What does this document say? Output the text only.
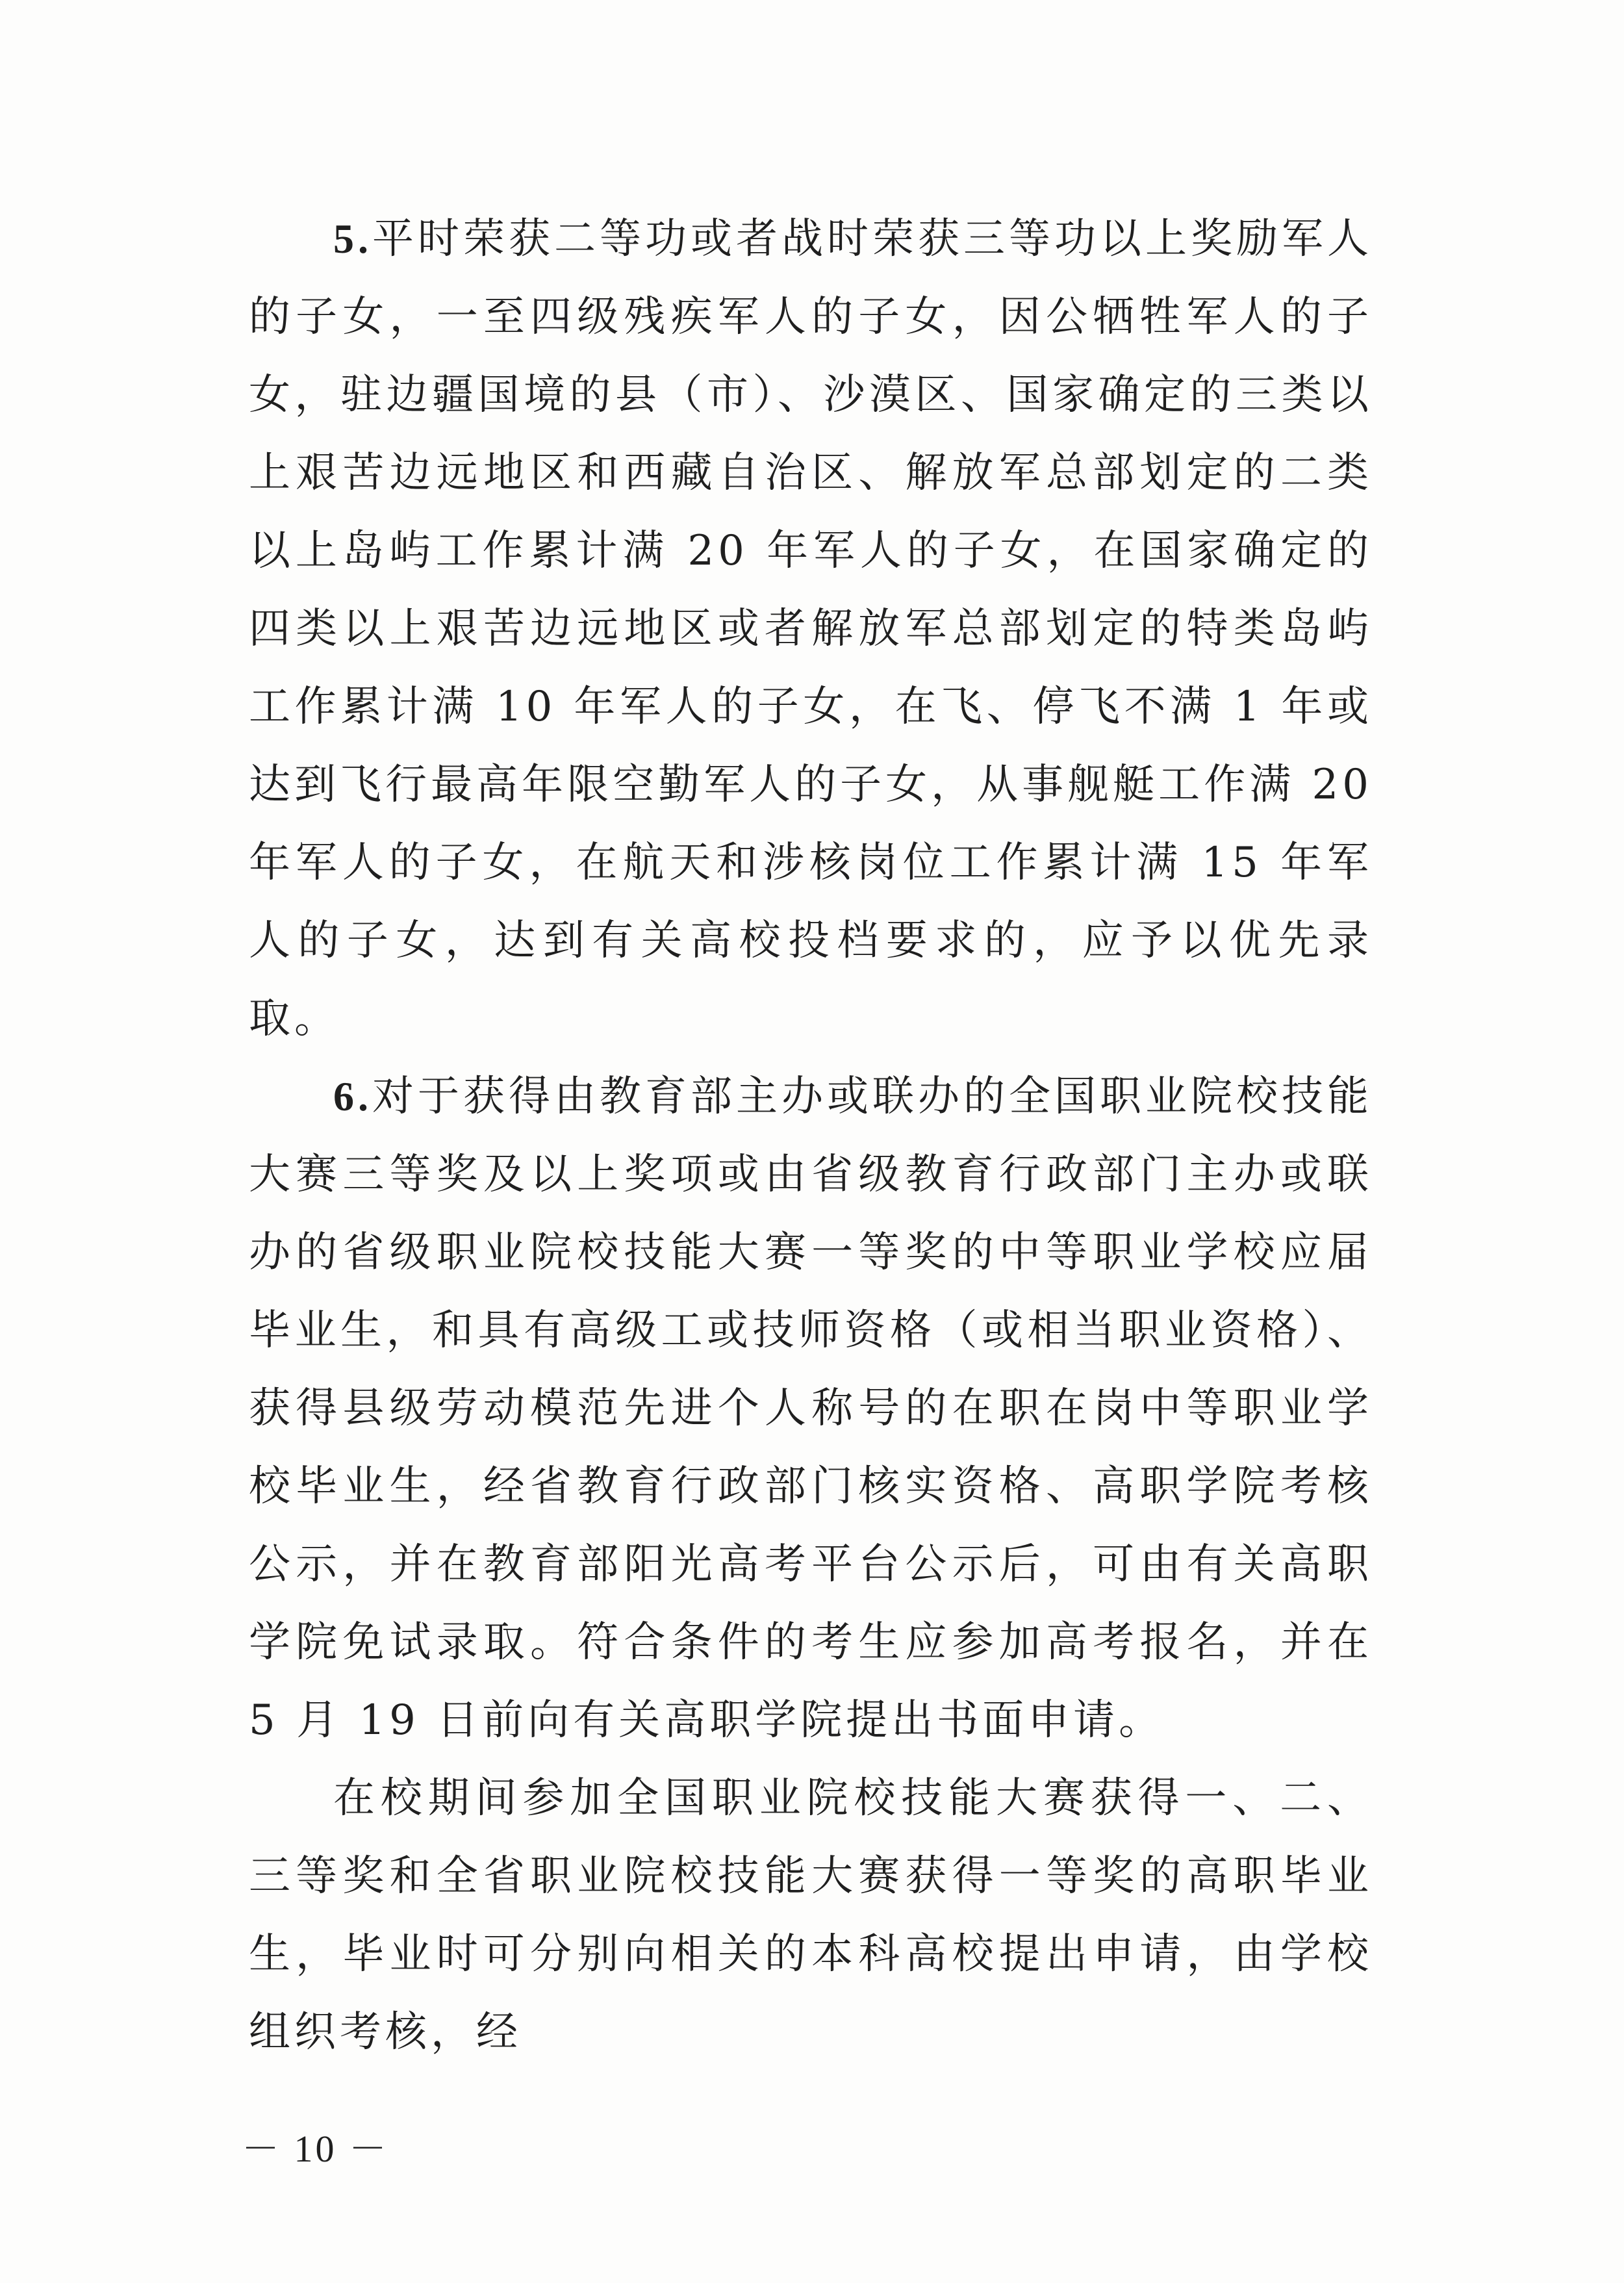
5.平时荣获二等功或者战时荣获三等功以上奖励军人的子女，一至四级残疾军人的子女，因公牺牲军人的子女，驻边疆国境的县（市）、沙漠区、国家确定的三类以上艰苦边远地区和西藏自治区、解放军总部划定的二类以上岛屿工作累计满 20 年军人的子女，在国家确定的四类以上艰苦边远地区或者解放军总部划定的特类岛屿工作累计满 10 年军人的子女，在飞、停飞不满 1 年或达到飞行最高年限空勤军人的子女，从事舰艇工作满 20 年军人的子女，在航天和涉核岗位工作累计满 15 年军人的子女，达到有关高校投档要求的，应予以优先录取。

6.对于获得由教育部主办或联办的全国职业院校技能大赛三等奖及以上奖项或由省级教育行政部门主办或联办的省级职业院校技能大赛一等奖的中等职业学校应届毕业生，和具有高级工或技师资格（或相当职业资格）、获得县级劳动模范先进个人称号的在职在岗中等职业学校毕业生，经省教育行政部门核实资格、高职学院考核公示，并在教育部阳光高考平台公示后，可由有关高职学院免试录取。符合条件的考生应参加高考报名，并在 5 月 19 日前向有关高职学院提出书面申请。

在校期间参加全国职业院校技能大赛获得一、二、三等奖和全省职业院校技能大赛获得一等奖的高职毕业生，毕业时可分别向相关的本科高校提出申请，由学校组织考核，经

－ 10 －
